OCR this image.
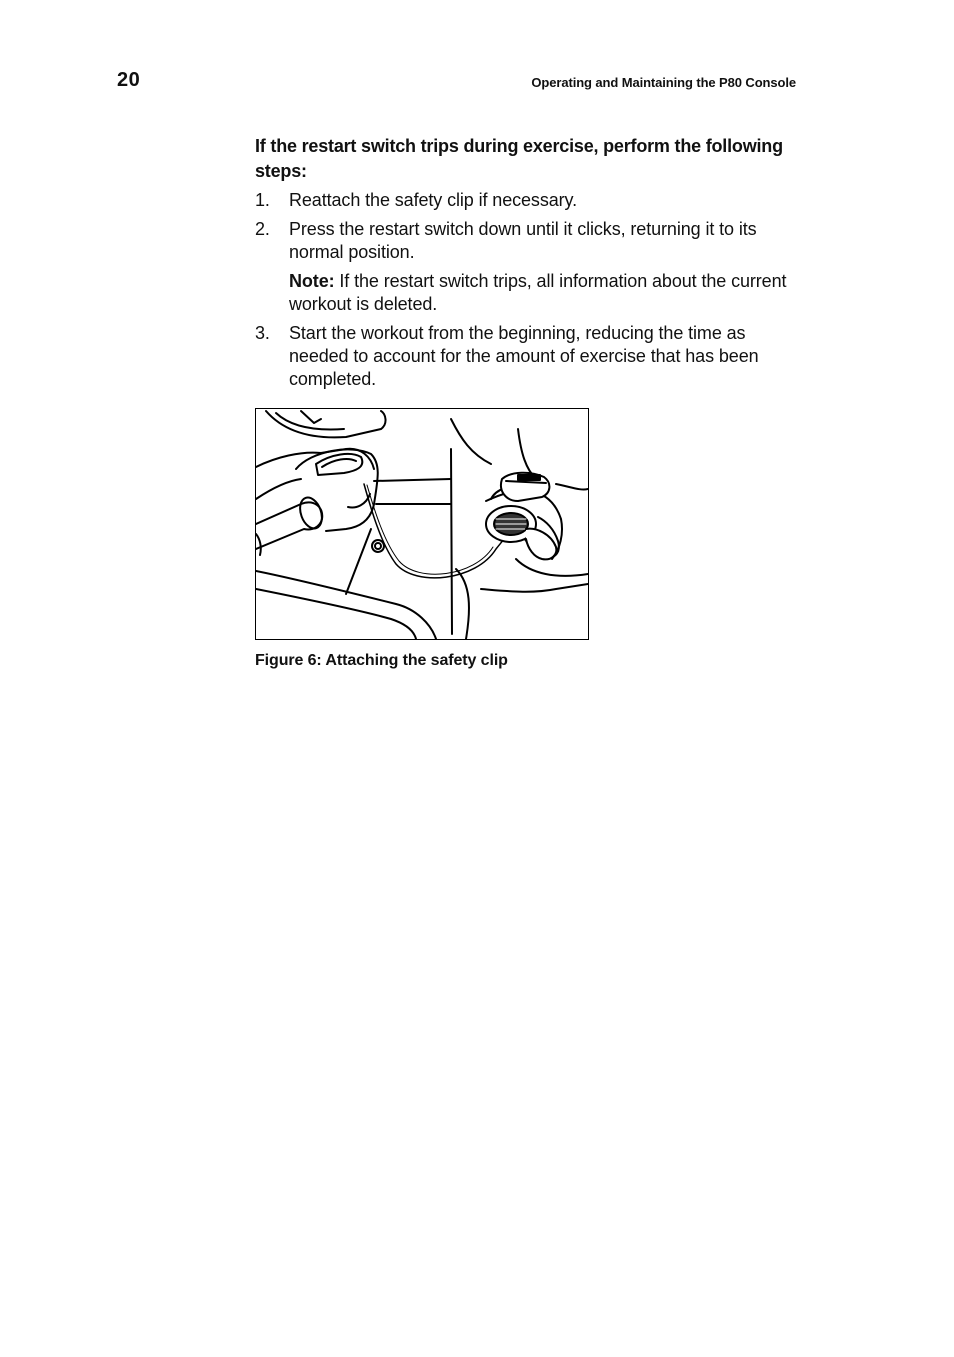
20	Operating and Maintaining the P80 Console
If the restart switch trips during exercise, perform the following steps:
1.	Reattach the safety clip if necessary.
2.	Press the restart switch down until it clicks, returning it to its normal position.
Note: If the restart switch trips, all information about the current workout is deleted.
3.	Start the workout from the beginning, reducing the time as needed to account for the amount of exercise that has been completed.
Figure 6: Attaching the safety clip
